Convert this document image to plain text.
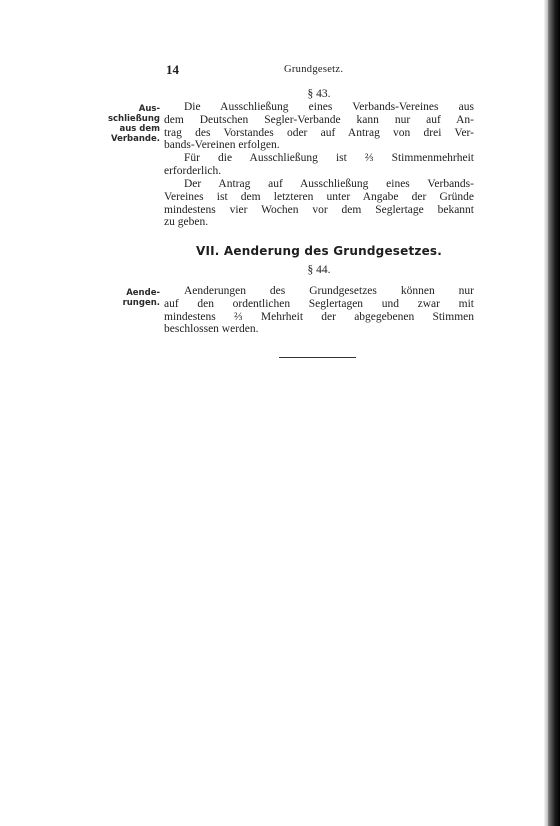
14	Grundgesetz.
§ 43.
Aus-
schließung
aus dem
Verbande.
Die Ausschließung eines Verbands-Vereines aus
dem Deutschen Segler-Verbande kann nur auf An-
trag des Vorstandes oder auf Antrag von drei Ver-
bands-Vereinen erfolgen.
Für die Ausschließung ist ⅔ Stimmenmehrheit
erforderlich.
Der Antrag auf Ausschließung eines Verbands-
Vereines ist dem letzteren unter Angabe der Gründe
mindestens vier Wochen vor dem Seglertage bekannt
zu geben.
VII. Aenderung des Grundgesetzes.
§ 44.
Aende-
rungen.
Aenderungen des Grundgesetzes können nur
auf den ordentlichen Seglertagen und zwar mit
mindestens ⅔ Mehrheit der abgegebenen Stimmen
beschlossen werden.
